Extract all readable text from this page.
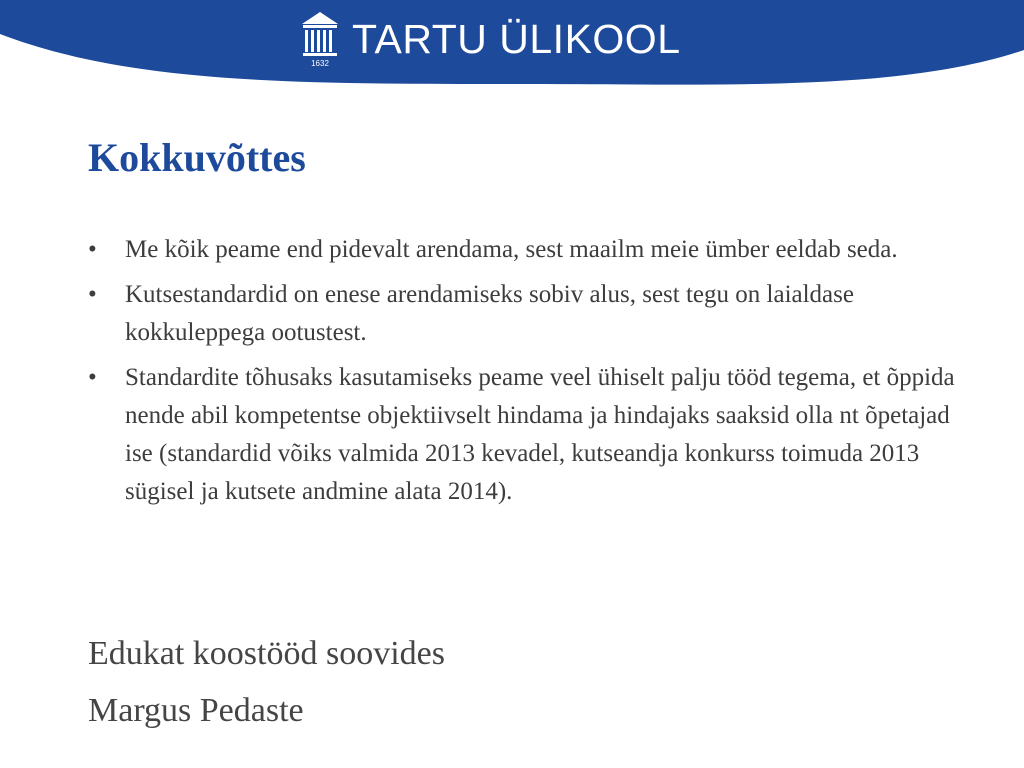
1632
TARTU ÜLIKOOL
Kokkuvõttes
•	Me kõik peame end pidevalt arendama, sest maailm meie ümber eeldab seda.
•	Kutsestandardid on enese arendamiseks sobiv alus, sest tegu on laialdase kokkuleppega ootustest.
•	Standardite tõhusaks kasutamiseks peame veel ühiselt palju tööd tegema, et õppida nende abil kompetentse objektiivselt hindama ja hindajaks saaksid olla nt õpetajad ise (standardid võiks valmida 2013 kevadel, kutseandja konkurss toimuda 2013 sügisel ja kutsete andmine alata 2014).

Edukat koostööd soovides

Margus Pedaste
